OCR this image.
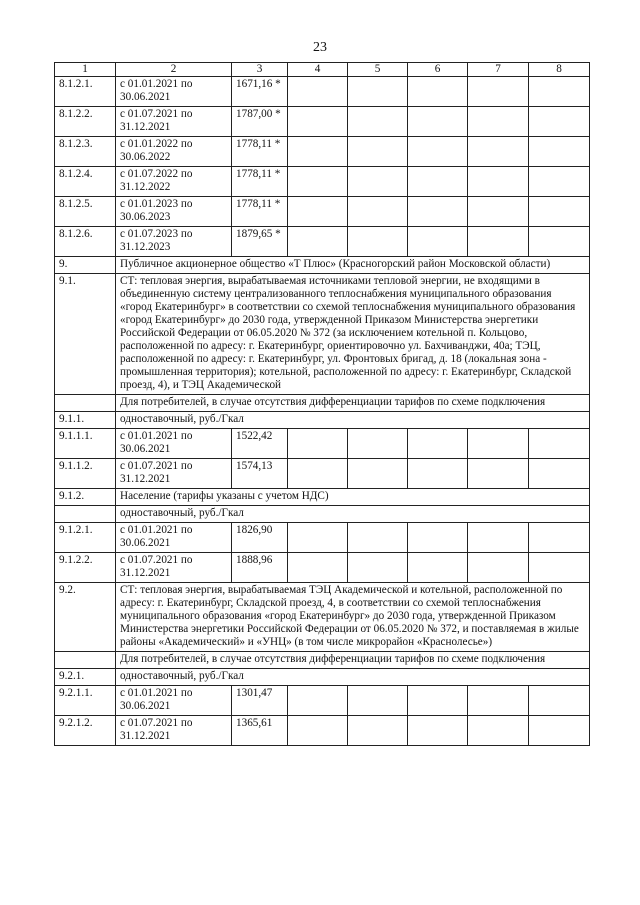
23
1	2	3	4	5	6	7	8
8.1.2.1.	с 01.01.2021 по 30.06.2021	1671,16 *					
8.1.2.2.	с 01.07.2021 по 31.12.2021	1787,00 *					
8.1.2.3.	с 01.01.2022 по 30.06.2022	1778,11 *					
8.1.2.4.	с 01.07.2022 по 31.12.2022	1778,11 *					
8.1.2.5.	с 01.01.2023 по 30.06.2023	1778,11 *					
8.1.2.6.	с 01.07.2023 по 31.12.2023	1879,65 *					
9.	Публичное акционерное общество «Т Плюс» (Красногорский район Московской области)						
9.1.	СТ: тепловая энергия, вырабатываемая источниками тепловой энергии, не входящими в объединенную систему централизованного теплоснабжения муниципального образования «город Екатеринбург» в соответствии со схемой теплоснабжения муниципального образования «город Екатеринбург» до 2030 года, утвержденной Приказом Министерства энергетики Российской Федерации от 06.05.2020 № 372 (за исключением котельной п. Кольцово, расположенной по адресу: г. Екатеринбург, ориентировочно ул. Бахчиванджи, 40а; ТЭЦ, расположенной по адресу: г. Екатеринбург, ул. Фронтовых бригад, д. 18 (локальная зона - промышленная территория); котельной, расположенной по адресу: г. Екатеринбург, Складской проезд, 4), и ТЭЦ Академической						
	Для потребителей, в случае отсутствия дифференциации тарифов по схеме подключения						
9.1.1.	одноставочный, руб./Гкал						
9.1.1.1.	с 01.01.2021 по 30.06.2021	1522,42					
9.1.1.2.	с 01.07.2021 по 31.12.2021	1574,13					
9.1.2.	Население (тарифы указаны с учетом НДС)						
	одноставочный, руб./Гкал						
9.1.2.1.	с 01.01.2021 по 30.06.2021	1826,90					
9.1.2.2.	с 01.07.2021 по 31.12.2021	1888,96					
9.2.	СТ: тепловая энергия, вырабатываемая ТЭЦ Академической и котельной, расположенной по адресу: г. Екатеринбург, Складской проезд, 4, в соответствии со схемой теплоснабжения муниципального образования «город Екатеринбург» до 2030 года, утвержденной Приказом Министерства энергетики Российской Федерации от 06.05.2020 № 372, и поставляемая в жилые районы «Академический» и «УНЦ» (в том числе микрорайон «Краснолесье»)						
	Для потребителей, в случае отсутствия дифференциации тарифов по схеме подключения						
9.2.1.	одноставочный, руб./Гкал						
9.2.1.1.	с 01.01.2021 по 30.06.2021	1301,47					
9.2.1.2.	с 01.07.2021 по 31.12.2021	1365,61					
